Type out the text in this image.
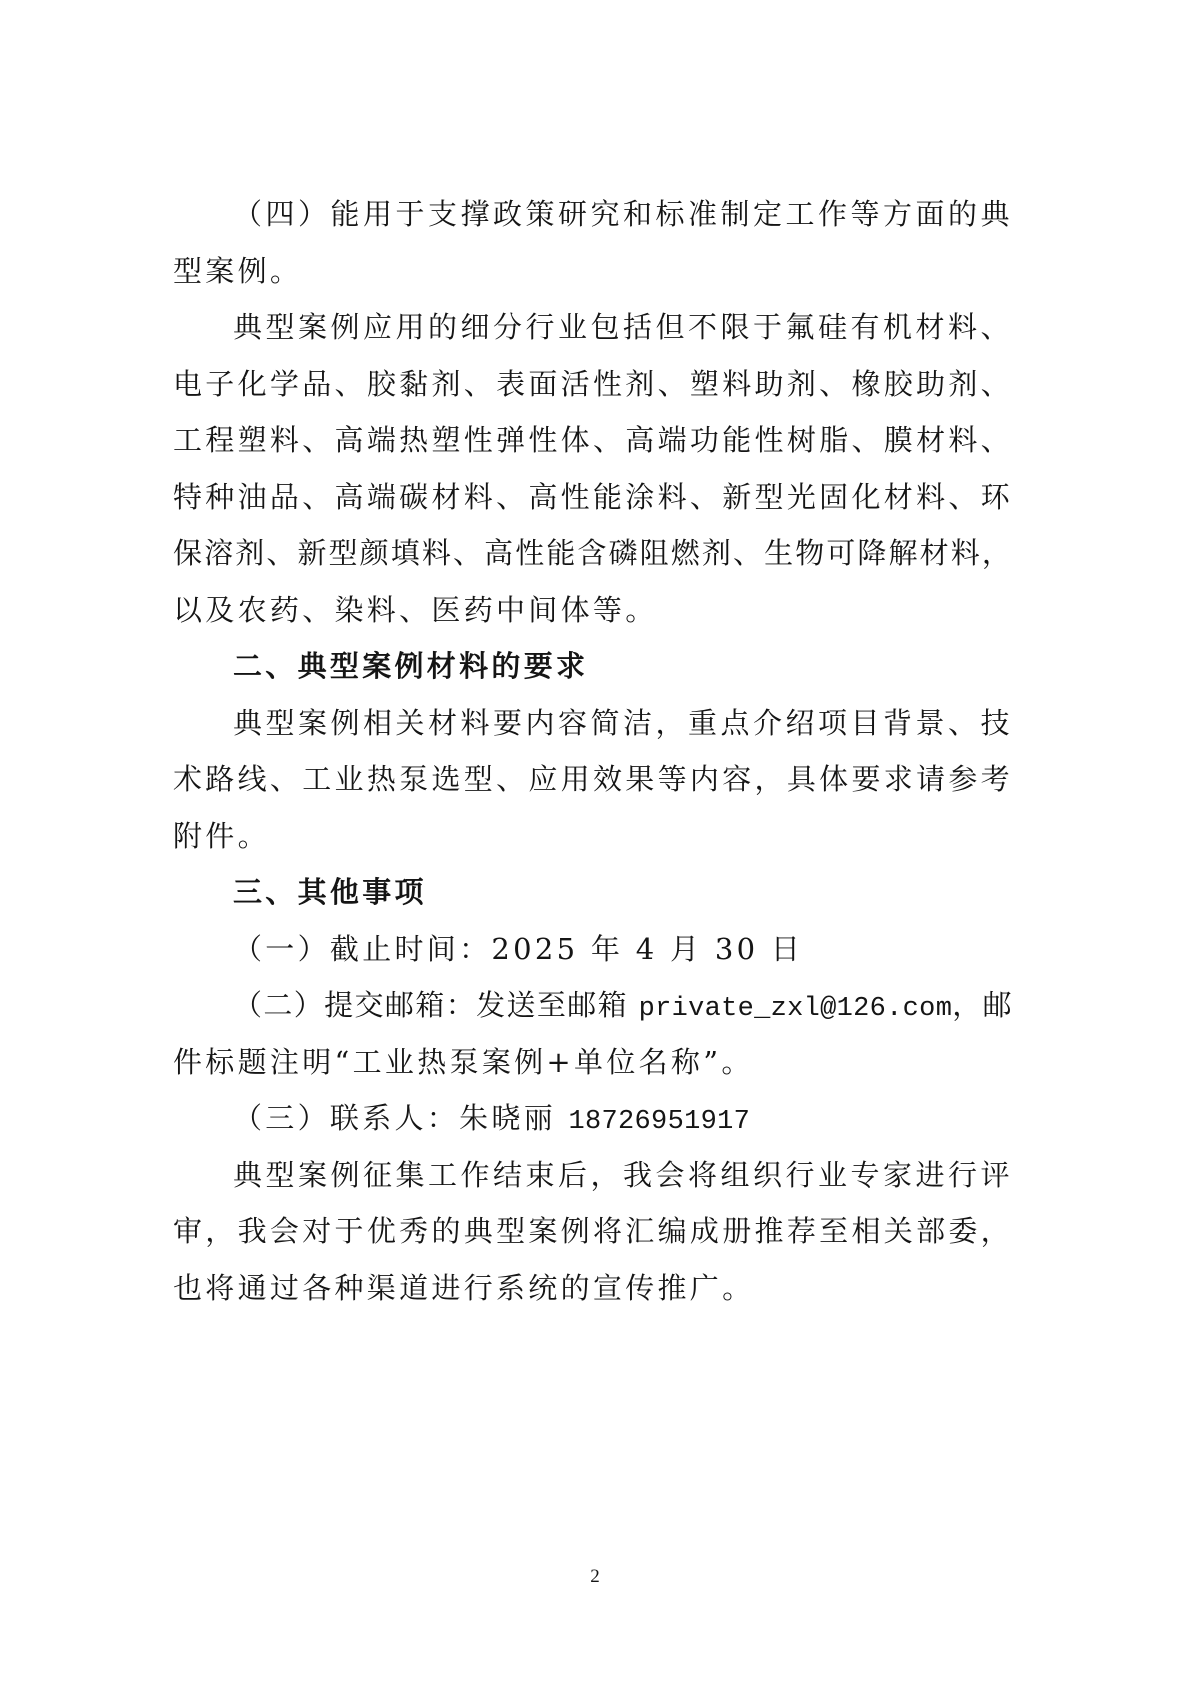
（四）能用于支撑政策研究和标准制定工作等方面的典
型案例。
典型案例应用的细分行业包括但不限于氟硅有机材料、
电子化学品、胶黏剂、表面活性剂、塑料助剂、橡胶助剂、
工程塑料、高端热塑性弹性体、高端功能性树脂、膜材料、
特种油品、高端碳材料、高性能涂料、新型光固化材料、环
保溶剂、新型颜填料、高性能含磷阻燃剂、生物可降解材料，
以及农药、染料、医药中间体等。
二、典型案例材料的要求
典型案例相关材料要内容简洁，重点介绍项目背景、技
术路线、工业热泵选型、应用效果等内容，具体要求请参考
附件。
三、其他事项
（一）截止时间：2025 年 4 月 30 日
（二）提交邮箱：发送至邮箱 private_zxl@126.com，邮
件标题注明“工业热泵案例+单位名称”。
（三）联系人：朱晓丽 18726951917
典型案例征集工作结束后，我会将组织行业专家进行评
审，我会对于优秀的典型案例将汇编成册推荐至相关部委，
也将通过各种渠道进行系统的宣传推广。
2
